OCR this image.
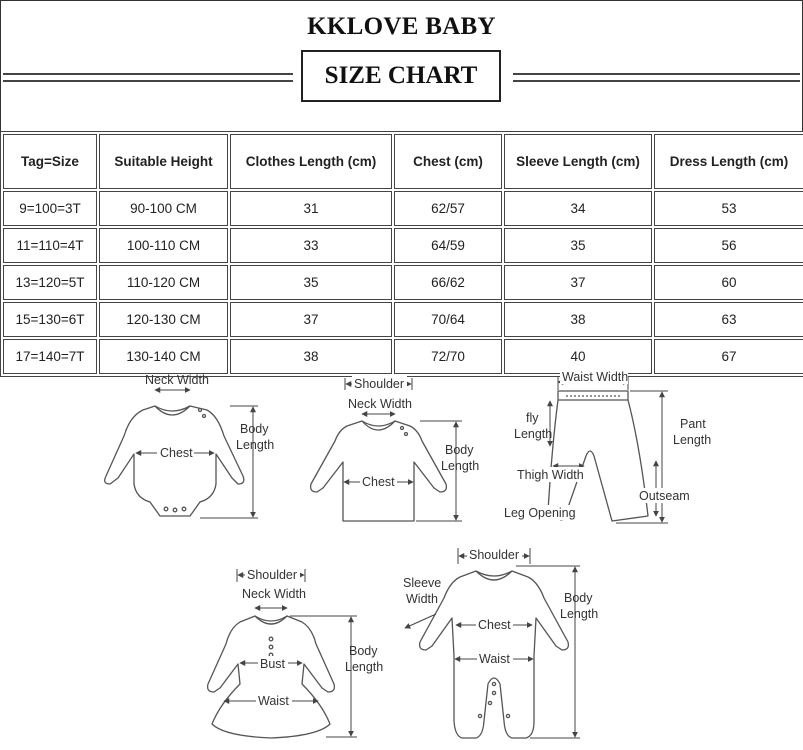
KKLOVE BABY
SIZE CHART
Tag=Size	Suitable Height	Clothes Length (cm)	Chest (cm)	Sleeve Length (cm)	Dress Length (cm)
9=100=3T	90-100 CM	31	62/57	34	53
11=110=4T	100-110 CM	33	64/59	35	56
13=120=5T	110-120 CM	35	66/62	37	60
15=130=6T	120-130 CM	37	70/64	38	63
17=140=7T	130-140 CM	38	72/70	40	67
Neck Width
Chest
Body
Length
Shoulder
Neck Width
Chest
Body
Length
Waist Width
fly
Length
Pant
Length
Thigh Width
Outseam
Leg Opening
Shoulder
Neck Width
Bust
Waist
Body
Length
Shoulder
Sleeve
Width
Chest
Waist
Body
Length
